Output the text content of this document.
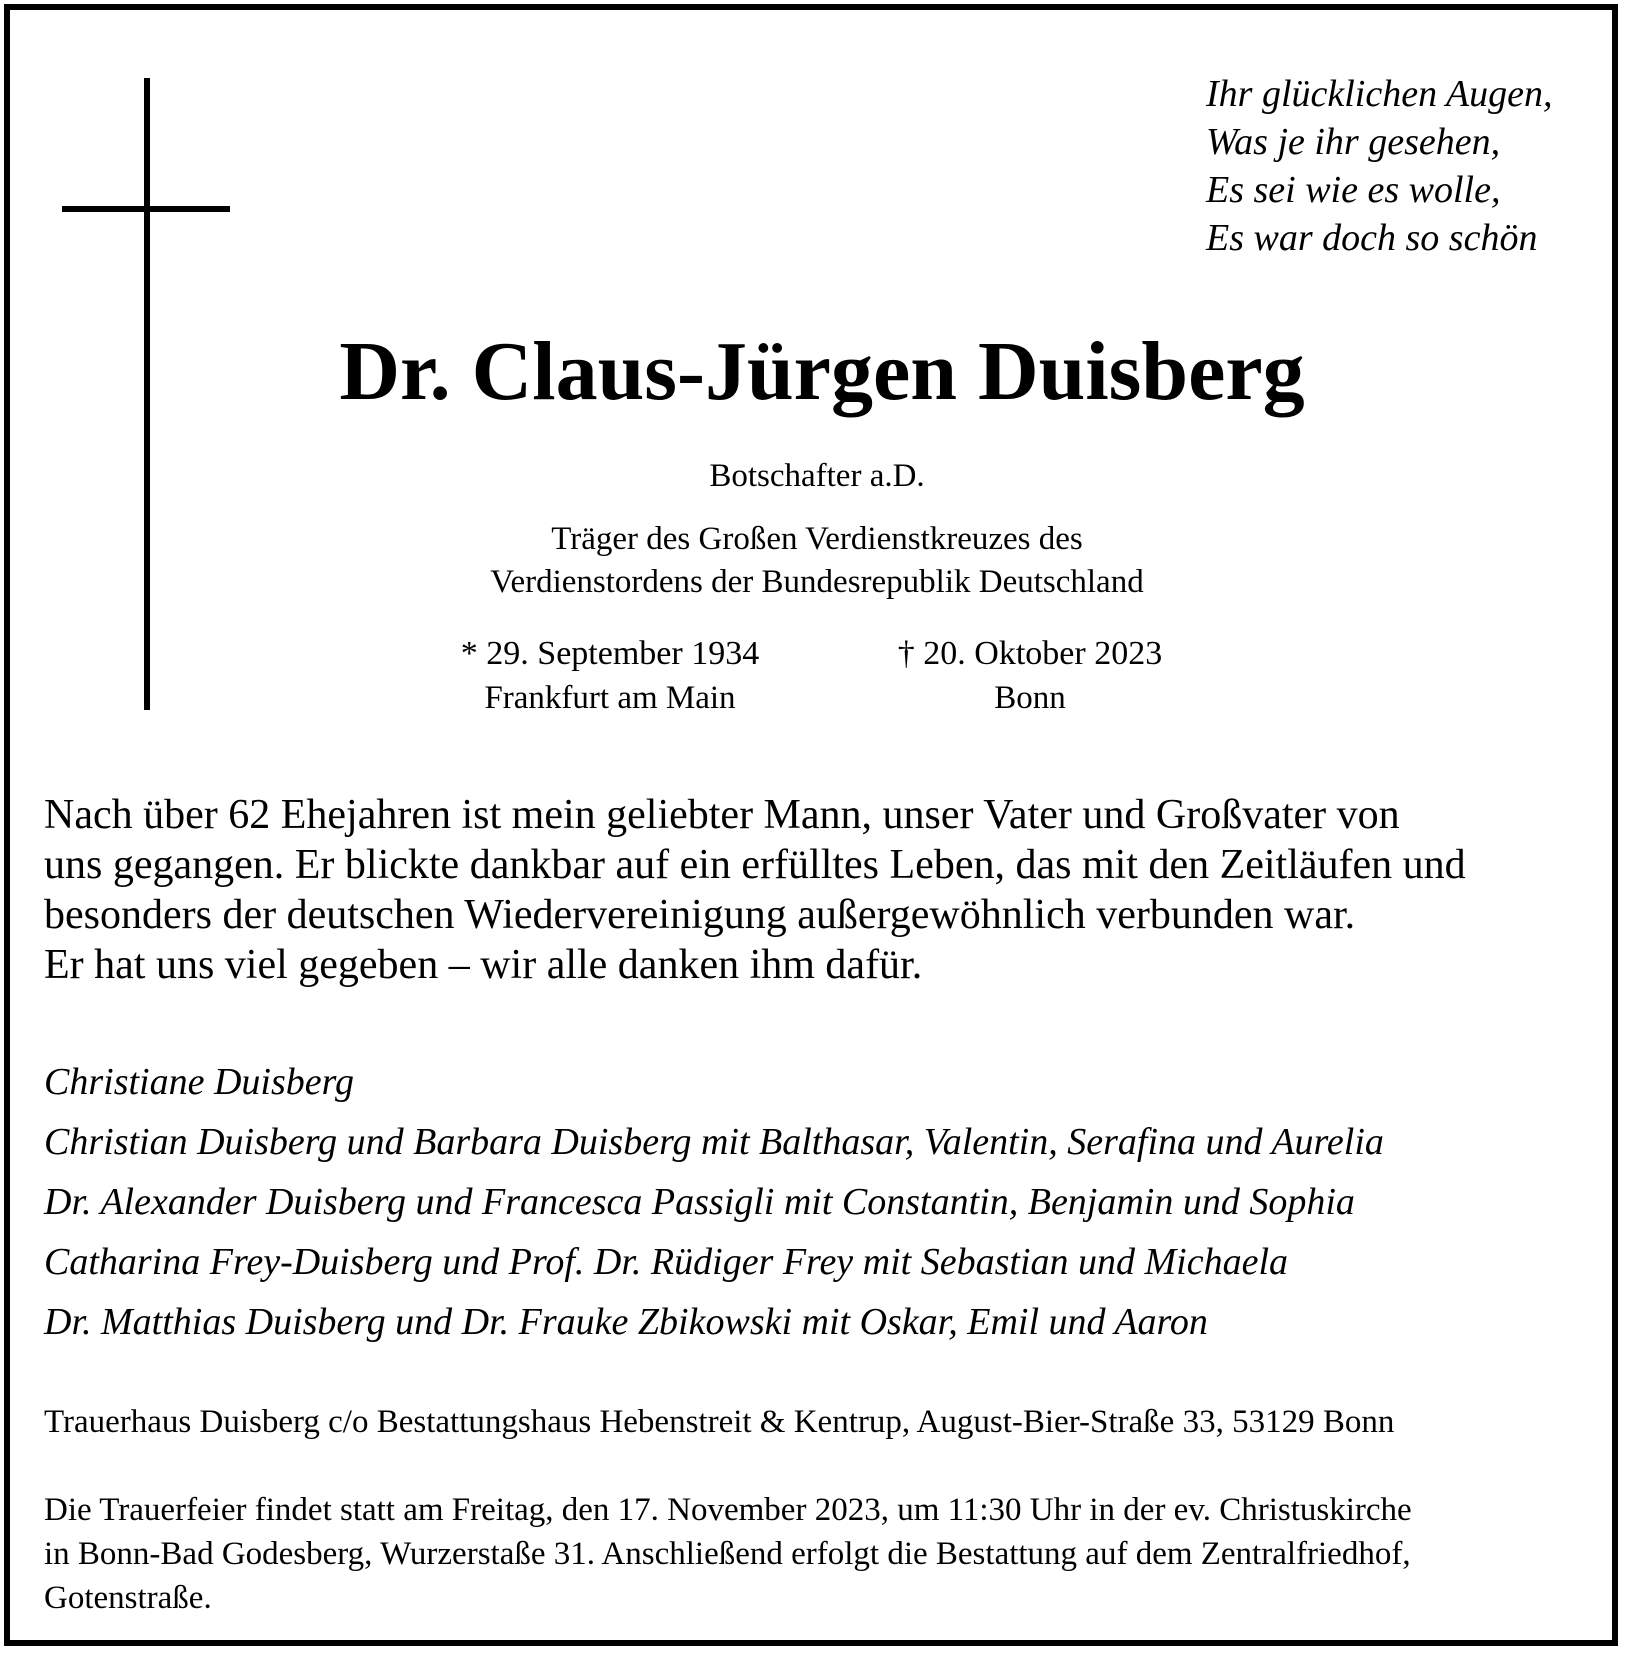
Ihr glücklichen Augen,
Was je ihr gesehen,
Es sei wie es wolle,
Es war doch so schön
Dr. Claus-Jürgen Duisberg
Botschafter a.D.
Träger des Großen Verdienstkreuzes des
Verdienstordens der Bundesrepublik Deutschland
* 29. September 1934
Frankfurt am Main
† 20. Oktober 2023
Bonn
Nach über 62 Ehejahren ist mein geliebter Mann, unser Vater und Großvater von
uns gegangen. Er blickte dankbar auf ein erfülltes Leben, das mit den Zeitläufen und
besonders der deutschen Wiedervereinigung außergewöhnlich verbunden war.
Er hat uns viel gegeben – wir alle danken ihm dafür.
Christiane Duisberg
Christian Duisberg und Barbara Duisberg mit Balthasar, Valentin, Serafina und Aurelia
Dr. Alexander Duisberg und Francesca Passigli mit Constantin, Benjamin und Sophia
Catharina Frey-Duisberg und Prof. Dr. Rüdiger Frey mit Sebastian und Michaela
Dr. Matthias Duisberg und Dr. Frauke Zbikowski mit Oskar, Emil und Aaron
Trauerhaus Duisberg c/o Bestattungshaus Hebenstreit & Kentrup, August-Bier-Straße 33, 53129 Bonn
Die Trauerfeier findet statt am Freitag, den 17. November 2023, um 11:30 Uhr in der ev. Christuskirche
in Bonn-Bad Godesberg, Wurzerstaße 31. Anschließend erfolgt die Bestattung auf dem Zentralfriedhof,
Gotenstraße.
